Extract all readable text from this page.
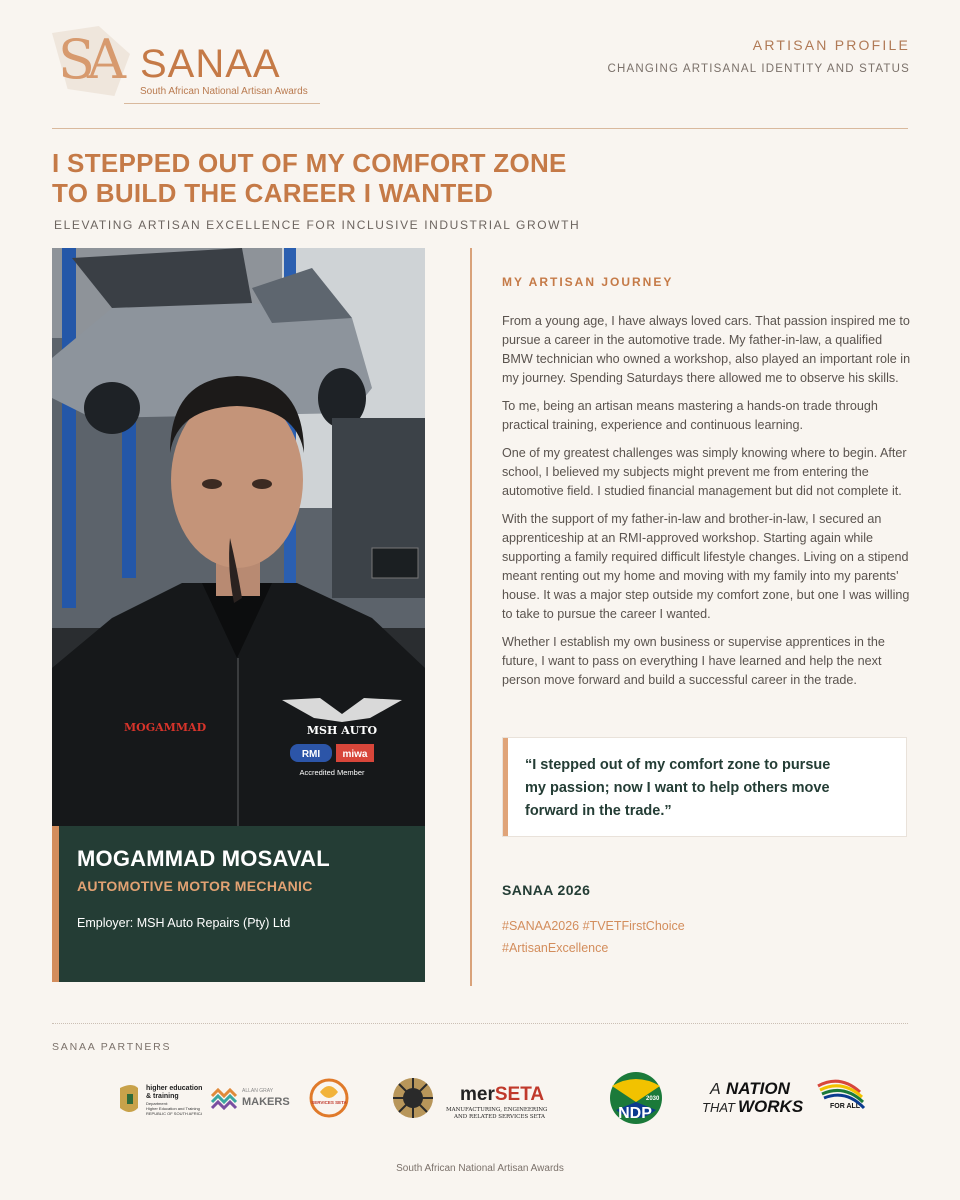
SA SANAA
South African National Artisan Awards
ARTISAN PROFILE
CHANGING ARTISANAL IDENTITY AND STATUS
I STEPPED OUT OF MY COMFORT ZONE
TO BUILD THE CAREER I WANTED
ELEVATING ARTISAN EXCELLENCE FOR INCLUSIVE INDUSTRIAL GROWTH
MOGAMMAD	MSH AUTO
RMI miwa
Accredited Member
MOGAMMAD MOSAVAL
AUTOMOTIVE MOTOR MECHANIC
Employer: MSH Auto Repairs (Pty) Ltd
MY ARTISAN JOURNEY

From a young age, I have always loved cars. That passion inspired me to pursue a career in the automotive trade. My father-in-law, a qualified BMW technician who owned a workshop, also played an important role in my journey. Spending Saturdays there allowed me to observe his skills.

To me, being an artisan means mastering a hands-on trade through practical training, experience and continuous learning.

One of my greatest challenges was simply knowing where to begin. After school, I believed my subjects might prevent me from entering the automotive field. I studied financial management but did not complete it.

With the support of my father-in-law and brother-in-law, I secured an apprenticeship at an RMI-approved workshop. Starting again while supporting a family required difficult lifestyle changes. Living on a stipend meant renting out my home and moving with my family into my parents' house. It was a major step outside my comfort zone, but one I was willing to take to pursue the career I wanted.

Whether I establish my own business or supervise apprentices in the future, I want to pass on everything I have learned and help the next person move forward and build a successful career in the trade.

“I stepped out of my comfort zone to pursue my passion; now I want to help others move forward in the trade.”
SANAA 2026
#SANAA2026 #TVETFirstChoice
#ArtisanExcellence
SANAA PARTNERS
higher education
& training
Department:
Higher Education and Training
REPUBLIC OF SOUTH AFRICA
ALLAN GRAY
MAKERS	SERVICES SETA	merSETA
MANUFACTURING, ENGINEERING
AND RELATED SERVICES SETA
2030
NDP
A NATION
THAT WORKS	FOR ALL
South African National Artisan Awards
